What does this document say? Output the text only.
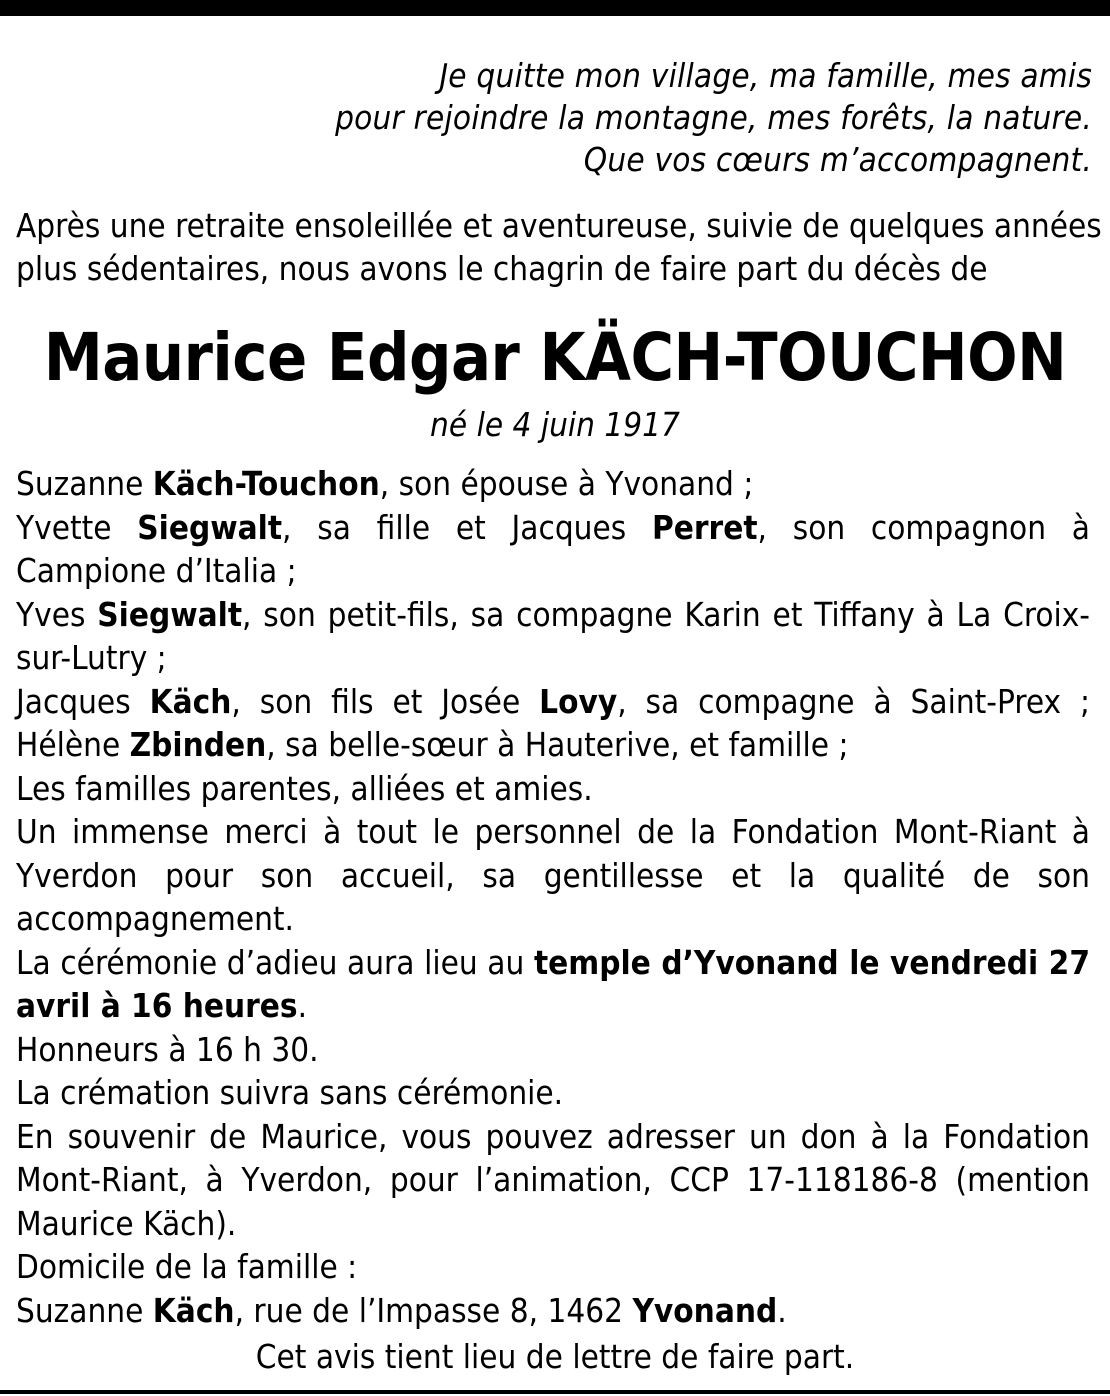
Je quitte mon village, ma famille, mes amis
pour rejoindre la montagne, mes forêts, la nature.
Que vos cœurs m’accompagnent.
Après une retraite ensoleillée et aventureuse, suivie de quelques années
plus sédentaires, nous avons le chagrin de faire part du décès de
Maurice Edgar KÄCH-TOUCHON
né le 4 juin 1917

Suzanne Käch-Touchon, son épouse à Yvonand ;

Yvette Siegwalt, sa fille et Jacques Perret, son compagnon à Campione d’Italia ;

Yves Siegwalt, son petit-fils, sa compagne Karin et Tiffany à La Croix-sur-Lutry ;

Jacques Käch, son fils et Josée Lovy, sa compagne à Saint-Prex ; Hélène Zbinden, sa belle-sœur à Hauterive, et famille ;

Les familles parentes, alliées et amies.

Un immense merci à tout le personnel de la Fondation Mont-Riant à Yverdon pour son accueil, sa gentillesse et la qualité de son accompagnement.

La cérémonie d’adieu aura lieu au temple d’Yvonand le vendredi 27 avril à 16 heures.

Honneurs à 16 h 30.

La crémation suivra sans cérémonie.

En souvenir de Maurice, vous pouvez adresser un don à la Fondation Mont-Riant, à Yverdon, pour l’animation, CCP 17-118186-8 (mention Maurice Käch).

Domicile de la famille :

Suzanne Käch, rue de l’Impasse 8, 1462 Yvonand.

Cet avis tient lieu de lettre de faire part.
